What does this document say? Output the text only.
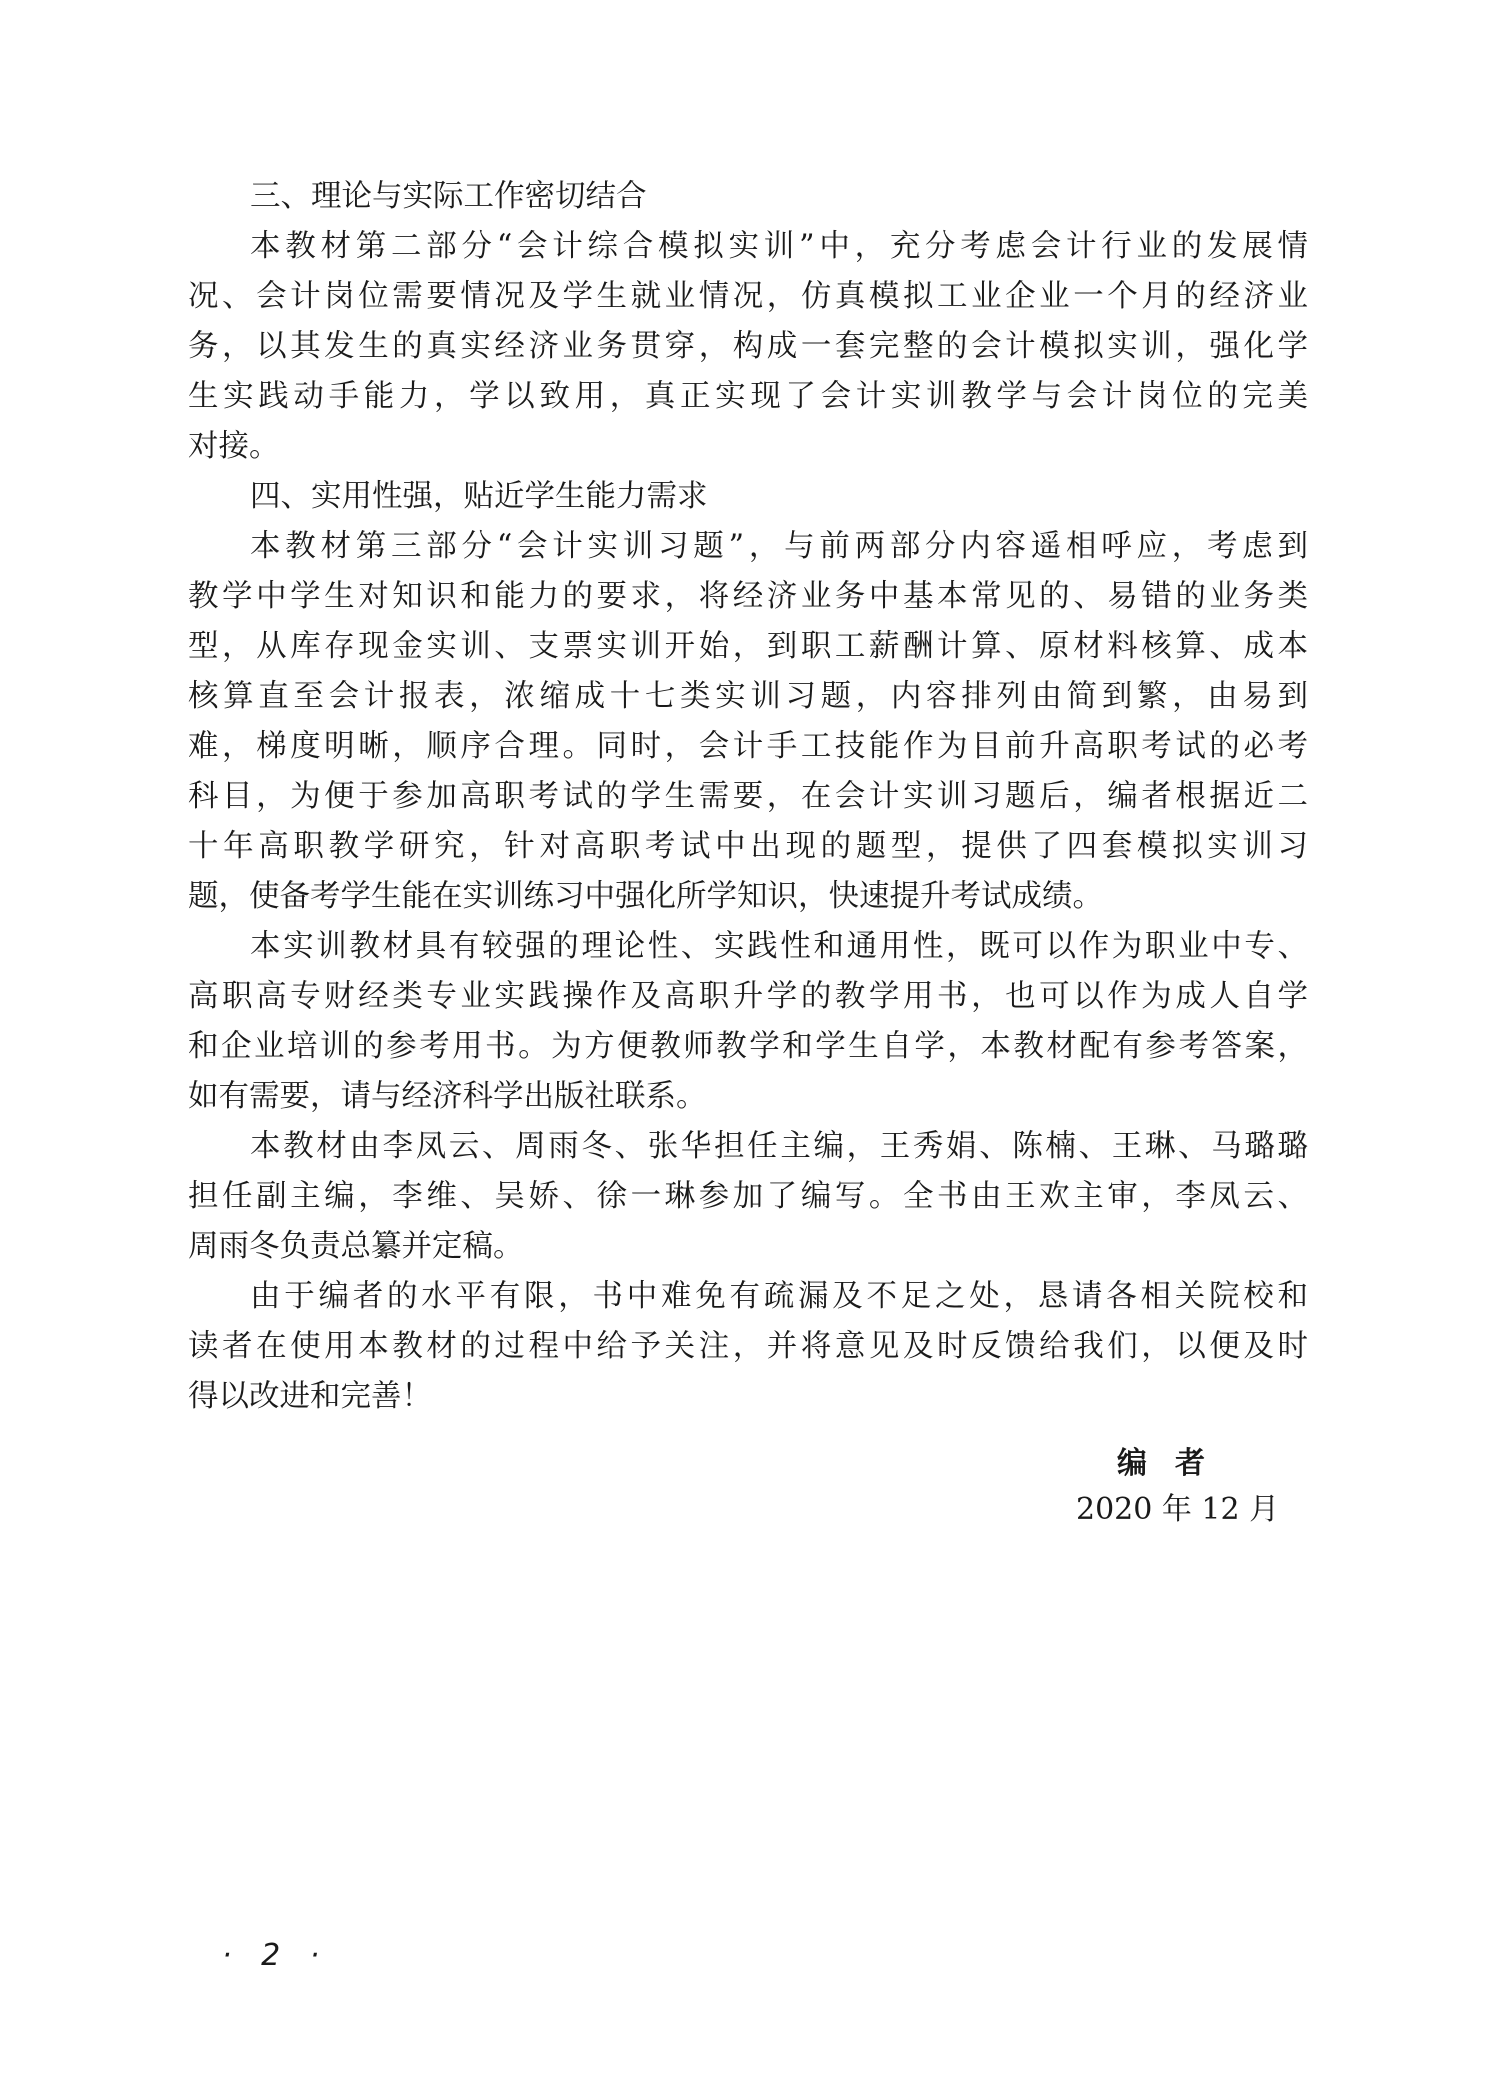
三、理论与实际工作密切结合
本教材第二部分“会计综合模拟实训”中，充分考虑会计行业的发展情
况、会计岗位需要情况及学生就业情况，仿真模拟工业企业一个月的经济业
务，以其发生的真实经济业务贯穿，构成一套完整的会计模拟实训，强化学
生实践动手能力，学以致用，真正实现了会计实训教学与会计岗位的完美
对接。
四、实用性强，贴近学生能力需求
本教材第三部分“会计实训习题”，与前两部分内容遥相呼应，考虑到
教学中学生对知识和能力的要求，将经济业务中基本常见的、易错的业务类
型，从库存现金实训、支票实训开始，到职工薪酬计算、原材料核算、成本
核算直至会计报表，浓缩成十七类实训习题，内容排列由简到繁，由易到
难，梯度明晰，顺序合理。同时，会计手工技能作为目前升高职考试的必考
科目，为便于参加高职考试的学生需要，在会计实训习题后，编者根据近二
十年高职教学研究，针对高职考试中出现的题型，提供了四套模拟实训习
题，使备考学生能在实训练习中强化所学知识，快速提升考试成绩。
本实训教材具有较强的理论性、实践性和通用性，既可以作为职业中专、
高职高专财经类专业实践操作及高职升学的教学用书，也可以作为成人自学
和企业培训的参考用书。为方便教师教学和学生自学，本教材配有参考答案，
如有需要，请与经济科学出版社联系。
本教材由李凤云、周雨冬、张华担任主编，王秀娟、陈楠、王琳、马璐璐
担任副主编，李维、吴娇、徐一琳参加了编写。全书由王欢主审，李凤云、
周雨冬负责总纂并定稿。
由于编者的水平有限，书中难免有疏漏及不足之处，恳请各相关院校和
读者在使用本教材的过程中给予关注，并将意见及时反馈给我们，以便及时
得以改进和完善！
编者
2020 年 12 月
· 2 ·
